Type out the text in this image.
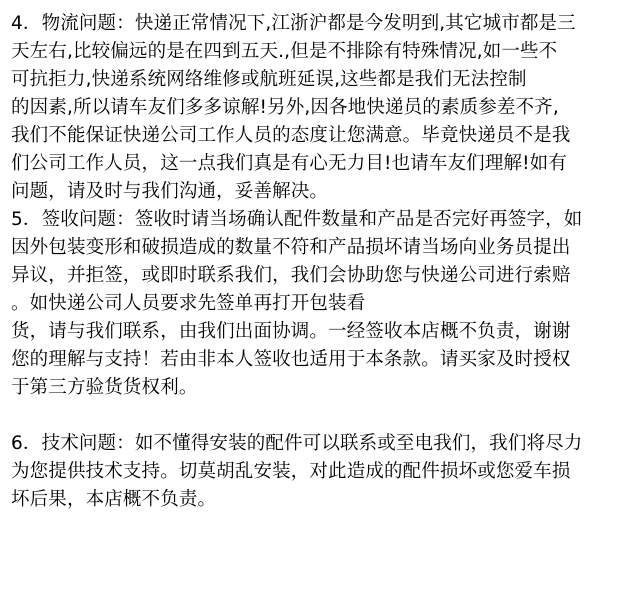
4．物流问题：快递正常情况下,江浙沪都是今发明到,其它城市都是三
天左右,比较偏远的是在四到五天.,但是不排除有特殊情况,如一些不
可抗拒力,快递系统网络维修或航班延误,这些都是我们无法控制
的因素,所以请车友们多多谅解!另外,因各地快递员的素质参差不齐,
我们不能保证快递公司工作人员的态度让您满意。毕竟快递员不是我
们公司工作人员，这一点我们真是有心无力目!也请车友们理解!如有
问题，请及时与我们沟通，妥善解决。
5．签收问题：签收时请当场确认配件数量和产品是否完好再签字，如
因外包装变形和破损造成的数量不符和产品损坏请当场向业务员提出
异议，并拒签，或即时联系我们，我们会协助您与快递公司进行索赔
。如快递公司人员要求先签单再打开包装看
货，请与我们联系，由我们出面协调。一经签收本店概不负责，谢谢
您的理解与支持！若由非本人签收也适用于本条款。请买家及时授权
于第三方验货货权利。
6．技术问题：如不懂得安装的配件可以联系或至电我们，我们将尽力
为您提供技术支持。切莫胡乱安装，对此造成的配件损坏或您爱车损
坏后果，本店概不负责。
